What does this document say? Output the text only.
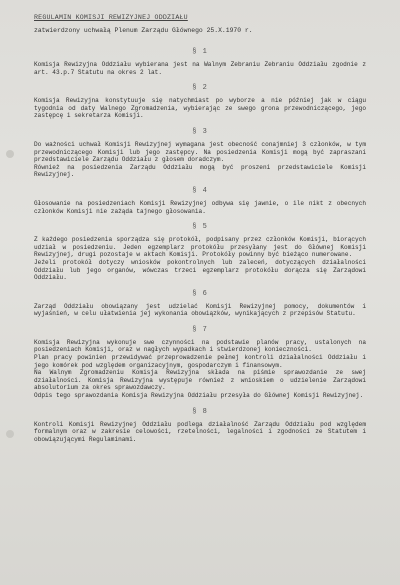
REGULAMIN KOMISJI REWIZYJNEJ ODDZIAŁU
zatwierdzony uchwałą Plenum Zarządu Głównego 25.X.1970 r.
§ 1

Komisja Rewizyjna Oddziału wybierana jest na Walnym Zebraniu Zebraniu Oddziału zgodnie z art. 43.p.7 Statutu na okres 2 lat.

§ 2

Komisja Rewizyjna konstytuuje się natychmiast po wyborze a nie później jak w ciągu tygodnia od daty Walnego Zgromadzenia, wybierając ze swego grona przewodniczącego, jego zastępcę i sekretarza Komisji.

§ 3

Do ważności uchwał Komisji Rewizyjnej wymagana jest obecność conajmniej 3 członków, w tym przewodniczącego Komisji lub jego zastępcy. Na posiedzenia Komisji mogą być zapraszani przedstawiciele Zarządu Oddziału z głosem doradczym.
Również na posiedzenia Zarządu Oddziału mogą być proszeni przedstawiciele Komisji Rewizyjnej.

§ 4

Głosowanie na posiedzeniach Komisji Rewizyjnej odbywa się jawnie, o ile nikt z obecnych członków Komisji nie zażąda tajnego głosowania.

§ 5

Z każdego posiedzenia sporządza się protokół, podpisany przez członków Komisji, biorących udział w posiedzeniu. Jeden egzemplarz protokółu przesyłany jest do Głównej Komisji Rewizyjnej, drugi pozostaje w aktach Komisji. Protokóły powinny być bieżąco numerowane.
Jeżeli protokół dotyczy wniosków pokontrolnych lub zaleceń, dotyczących działalności Oddziału lub jego organów, wówczas trzeci egzemplarz protokółu dorącza się Zarządowi Oddziału.

§ 6

Zarząd Oddziału obowiązany jest udzielać Komisji Rewizyjnej pomocy, dokumentów i wyjaśnień, w celu ułatwienia jej wykonania obowiązków, wynikających z przepisów Statutu.

§ 7

Komisja Rewizyjna wykonuje swe czynności na podstawie planów pracy, ustalonych na posiedzeniach Komisji, oraz w nagłych wypadkach i stwierdzonej konieczności.
Plan pracy powinien przewidywać przeprowadzenie pełnej kontroli działalności Oddziału i jego komórek pod względem organizacyjnym, gospodarczym i finansowym.
Na Walnym Zgromadzeniu Komisja Rewizyjna składa na piśmie sprawozdanie ze swej działalności. Komisja Rewizyjna występuje również z wnioskiem o udzielenie Zarządowi absolutorium za okres sprawozdawczy.
Odpis tego sprawozdania Komisja Rewizyjna Oddziału przesyła do Głównej Komisji Rewizyjnej.

§ 8

Kontroli Komisji Rewizyjnej Oddziału podlega działalność Zarządu Oddziału pod względem formalnym oraz w zakresie celowości, rzetelności, legalności i zgodności ze Statutem i obowiązującymi Regulaminami.
